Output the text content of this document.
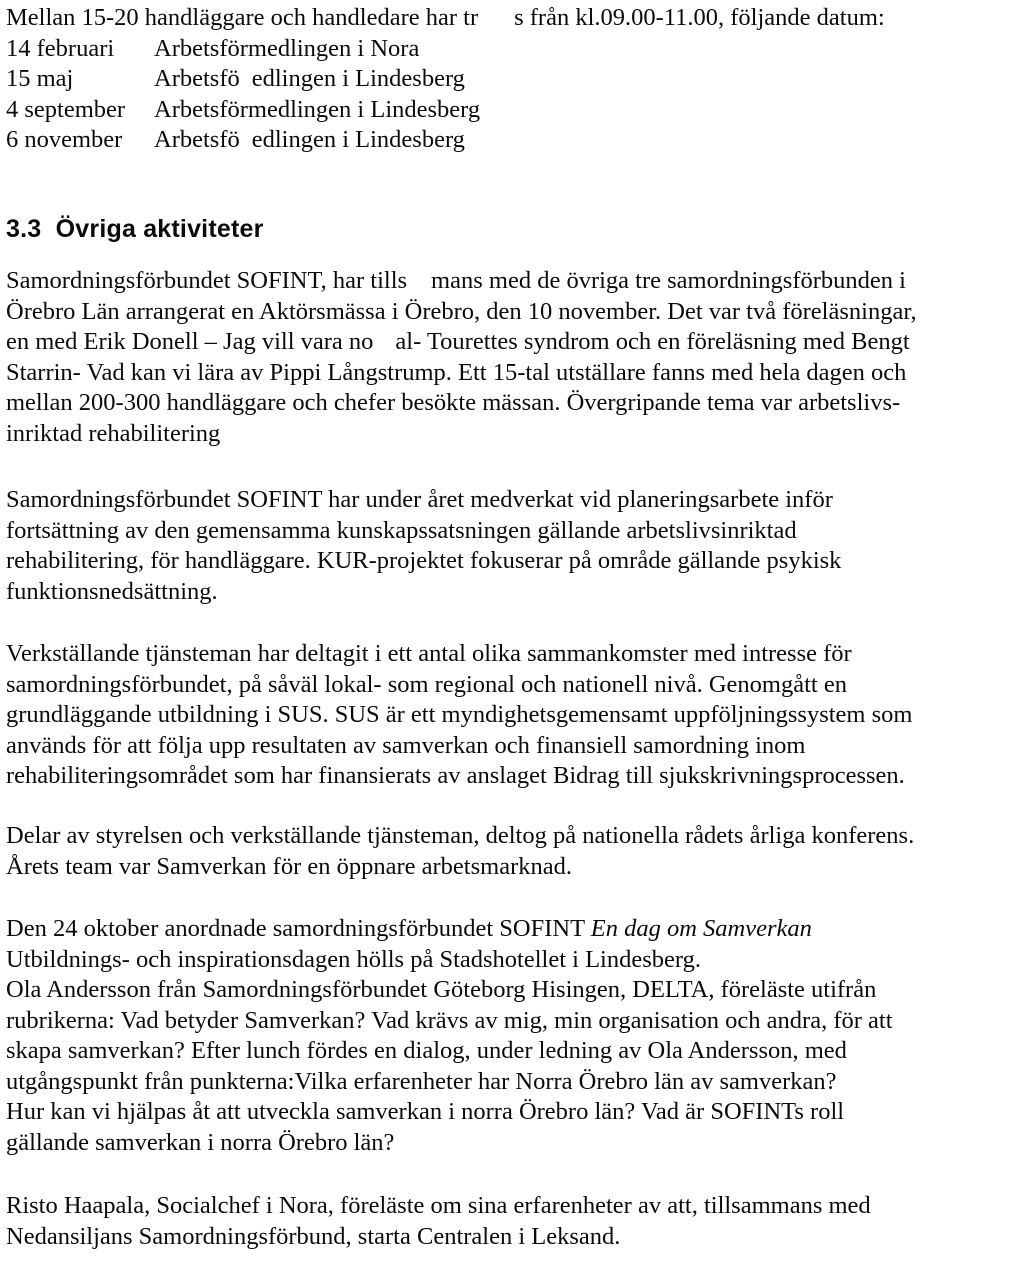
Mellan 15-20 handläggare och handledare har tr s från kl.09.00-11.00, följande datum:
14 februari Arbetsförmedlingen i Nora
15 maj	Arbetsfö edlingen i Lindesberg
4 september Arbetsförmedlingen i Lindesberg
6 november Arbetsfö edlingen i Lindesberg
3.3 Övriga aktiviteter
Samordningsförbundet SOFINT, har tills mans med de övriga tre samordningsförbunden i
Örebro Län arrangerat en Aktörsmässa i Örebro, den 10 november. Det var två föreläsningar,
en med Erik Donell – Jag vill vara no al- Tourettes syndrom och en föreläsning med Bengt
Starrin- Vad kan vi lära av Pippi Långstrump. Ett 15-tal utställare fanns med hela dagen och
mellan 200-300 handläggare och chefer besökte mässan. Övergripande tema var arbetslivs-
inriktad rehabilitering
Samordningsförbundet SOFINT har under året medverkat vid planeringsarbete inför
fortsättning av den gemensamma kunskapssatsningen gällande arbetslivsinriktad
rehabilitering, för handläggare. KUR-projektet fokuserar på område gällande psykisk
funktionsnedsättning.
Verkställande tjänsteman har deltagit i ett antal olika sammankomster med intresse för
samordningsförbundet, på såväl lokal- som regional och nationell nivå. Genomgått en
grundläggande utbildning i SUS. SUS är ett myndighetsgemensamt uppföljningssystem som
används för att följa upp resultaten av samverkan och finansiell samordning inom
rehabiliteringsområdet som har finansierats av anslaget Bidrag till sjukskrivningsprocessen.
Delar av styrelsen och verkställande tjänsteman, deltog på nationella rådets årliga konferens.
Årets team var Samverkan för en öppnare arbetsmarknad.
Den 24 oktober anordnade samordningsförbundet SOFINT En dag om Samverkan
Utbildnings- och inspirationsdagen hölls på Stadshotellet i Lindesberg.
Ola Andersson från Samordningsförbundet Göteborg Hisingen, DELTA, föreläste utifrån
rubrikerna: Vad betyder Samverkan? Vad krävs av mig, min organisation och andra, för att
skapa samverkan? Efter lunch fördes en dialog, under ledning av Ola Andersson, med
utgångspunkt från punkterna:Vilka erfarenheter har Norra Örebro län av samverkan?
Hur kan vi hjälpas åt att utveckla samverkan i norra Örebro län? Vad är SOFINTs roll
gällande samverkan i norra Örebro län?
Risto Haapala, Socialchef i Nora, föreläste om sina erfarenheter av att, tillsammans med
Nedansiljans Samordningsförbund, starta Centralen i Leksand.
